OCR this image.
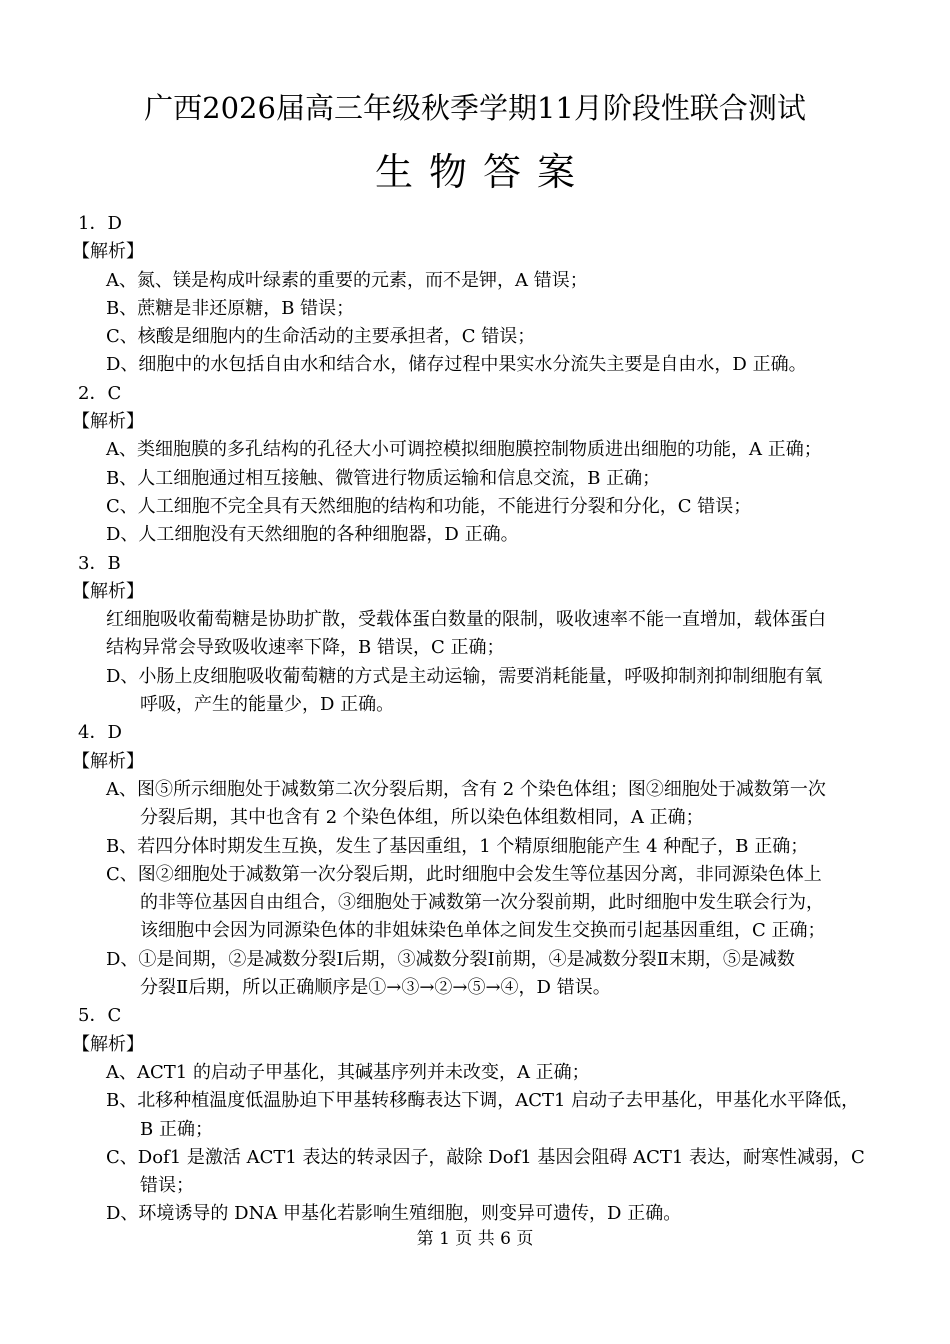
广西2026届高三年级秋季学期11月阶段性联合测试
生物答案
1．D
【解析】
A、氮、镁是构成叶绿素的重要的元素，而不是钾，A 错误；
B、蔗糖是非还原糖，B 错误；
C、核酸是细胞内的生命活动的主要承担者，C 错误；
D、细胞中的水包括自由水和结合水，储存过程中果实水分流失主要是自由水，D 正确。
2．C
【解析】
A、类细胞膜的多孔结构的孔径大小可调控模拟细胞膜控制物质进出细胞的功能，A 正确；
B、人工细胞通过相互接触、微管进行物质运输和信息交流，B 正确；
C、人工细胞不完全具有天然细胞的结构和功能，不能进行分裂和分化，C 错误；
D、人工细胞没有天然细胞的各种细胞器，D 正确。
3．B
【解析】
红细胞吸收葡萄糖是协助扩散，受载体蛋白数量的限制，吸收速率不能一直增加，载体蛋白
结构异常会导致吸收速率下降，B 错误，C 正确；
D、小肠上皮细胞吸收葡萄糖的方式是主动运输，需要消耗能量，呼吸抑制剂抑制细胞有氧
呼吸，产生的能量少，D 正确。
4．D
【解析】
A、图⑤所示细胞处于减数第二次分裂后期，含有 2 个染色体组；图②细胞处于减数第一次
分裂后期，其中也含有 2 个染色体组，所以染色体组数相同，A 正确；
B、若四分体时期发生互换，发生了基因重组，1 个精原细胞能产生 4 种配子，B 正确；
C、图②细胞处于减数第一次分裂后期，此时细胞中会发生等位基因分离，非同源染色体上
的非等位基因自由组合，③细胞处于减数第一次分裂前期，此时细胞中发生联会行为，
该细胞中会因为同源染色体的非姐妹染色单体之间发生交换而引起基因重组，C 正确；
D、①是间期，②是减数分裂Ⅰ后期，③减数分裂Ⅰ前期，④是减数分裂Ⅱ末期，⑤是减数
分裂Ⅱ后期，所以正确顺序是①→③→②→⑤→④，D 错误。
5．C
【解析】
A、ACT1 的启动子甲基化，其碱基序列并未改变，A 正确；
B、北移种植温度低温胁迫下甲基转移酶表达下调，ACT1 启动子去甲基化，甲基化水平降低，
B 正确；
C、Dof1 是激活 ACT1 表达的转录因子，敲除 Dof1 基因会阻碍 ACT1 表达，耐寒性减弱，C
错误；
D、环境诱导的 DNA 甲基化若影响生殖细胞，则变异可遗传，D 正确。
第 1 页 共 6 页
